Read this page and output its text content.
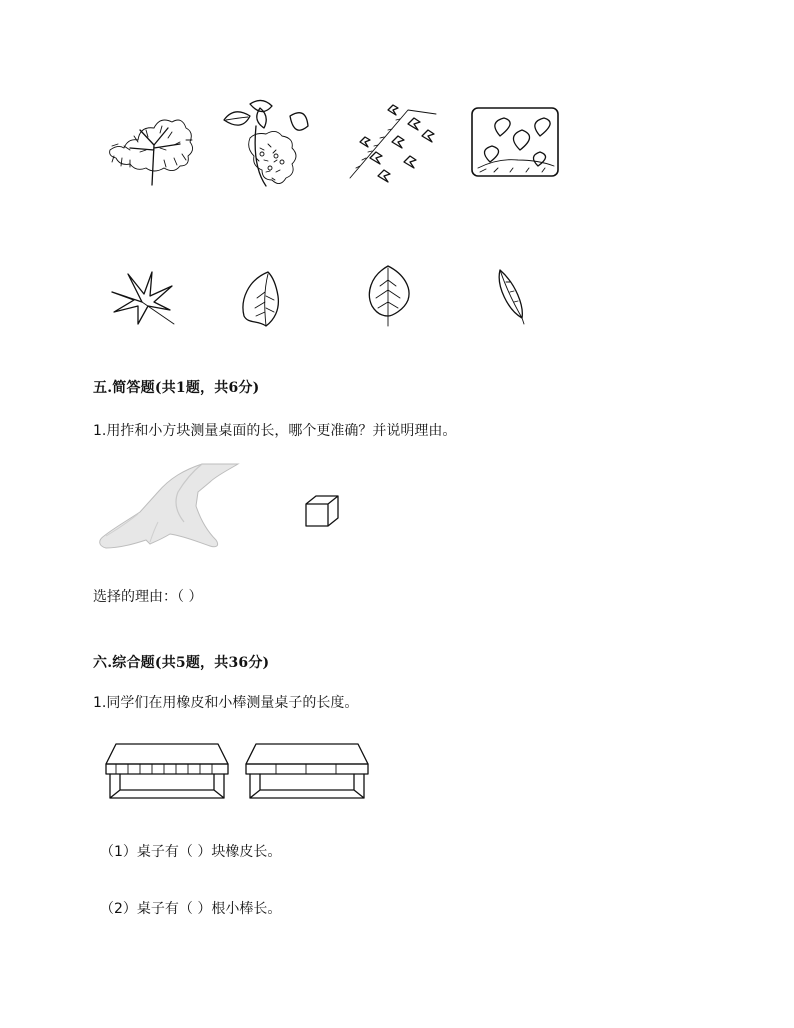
五.简答题(共1题，共6分)
1.用拃和小方块测量桌面的长，哪个更准确？并说明理由。
选择的理由：（ ）
六.综合题(共5题，共36分)
1.同学们在用橡皮和小棒测量桌子的长度。
（1）桌子有（ ）块橡皮长。
（2）桌子有（ ）根小棒长。
